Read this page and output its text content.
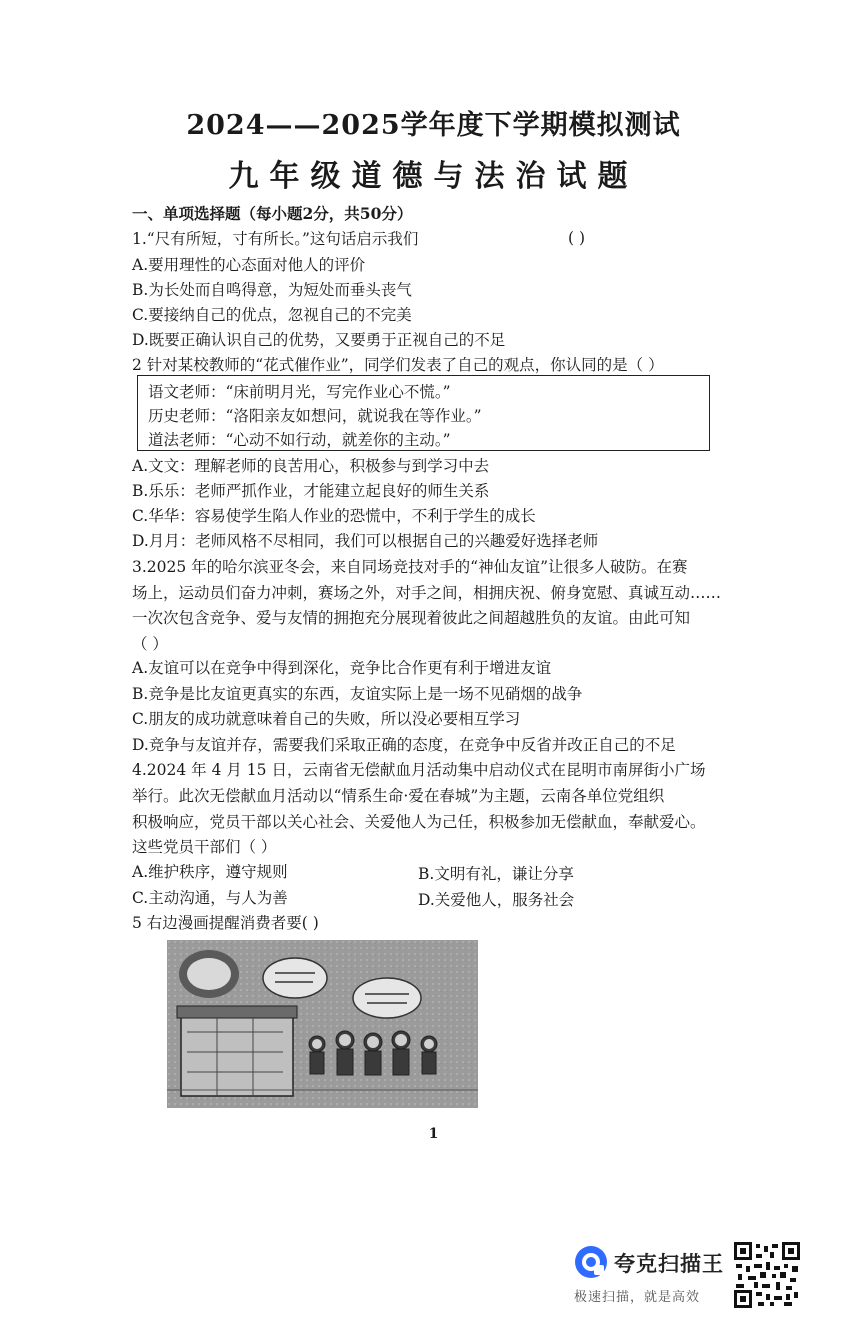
2024——2025学年度下学期模拟测试
九年级道德与法治试题
一、单项选择题（每小题2分，共50分）
1.“尺有所短，寸有所长。”这句话启示我们	( )
A.要用理性的心态面对他人的评价
B.为长处而自鸣得意，为短处而垂头丧气
C.要接纳自己的优点，忽视自己的不完美
D.既要正确认识自己的优势，又要勇于正视自己的不足
2 针对某校教师的“花式催作业”，同学们发表了自己的观点，你认同的是（ ）
语文老师：“床前明月光，写完作业心不慌。”
历史老师：“洛阳亲友如想问，就说我在等作业。”
道法老师：“心动不如行动，就差你的主动。”
A.文文：理解老师的良苦用心，积极参与到学习中去
B.乐乐：老师严抓作业，才能建立起良好的师生关系
C.华华：容易使学生陷人作业的恐慌中，不利于学生的成长
D.月月：老师风格不尽相同，我们可以根据自己的兴趣爱好选择老师
3.2025 年的哈尔滨亚冬会，来自同场竞技对手的“神仙友谊”让很多人破防。在赛
场上，运动员们奋力冲刺，赛场之外，对手之间，相拥庆祝、俯身宽慰、真诚互动……
一次次包含竞争、爱与友情的拥抱充分展现着彼此之间超越胜负的友谊。由此可知
（ ）
A.友谊可以在竞争中得到深化，竞争比合作更有利于增进友谊
B.竞争是比友谊更真实的东西，友谊实际上是一场不见硝烟的战争
C.朋友的成功就意味着自己的失败，所以没必要相互学习
D.竞争与友谊并存，需要我们采取正确的态度，在竞争中反省并改正自己的不足
4.2024 年 4 月 15 日，云南省无偿献血月活动集中启动仪式在昆明市南屏街小广场
举行。此次无偿献血月活动以“情系生命·爱在春城”为主题，云南各单位党组织
积极响应，党员干部以关心社会、关爱他人为己任，积极参加无偿献血，奉献爱心。
这些党员干部们（ ）
A.维护秩序，遵守规则	B.文明有礼，谦让分享
C.主动沟通，与人为善	D.关爱他人，服务社会
5 右边漫画提醒消费者要( )
1
夸克扫描王
极速扫描，就是高效
